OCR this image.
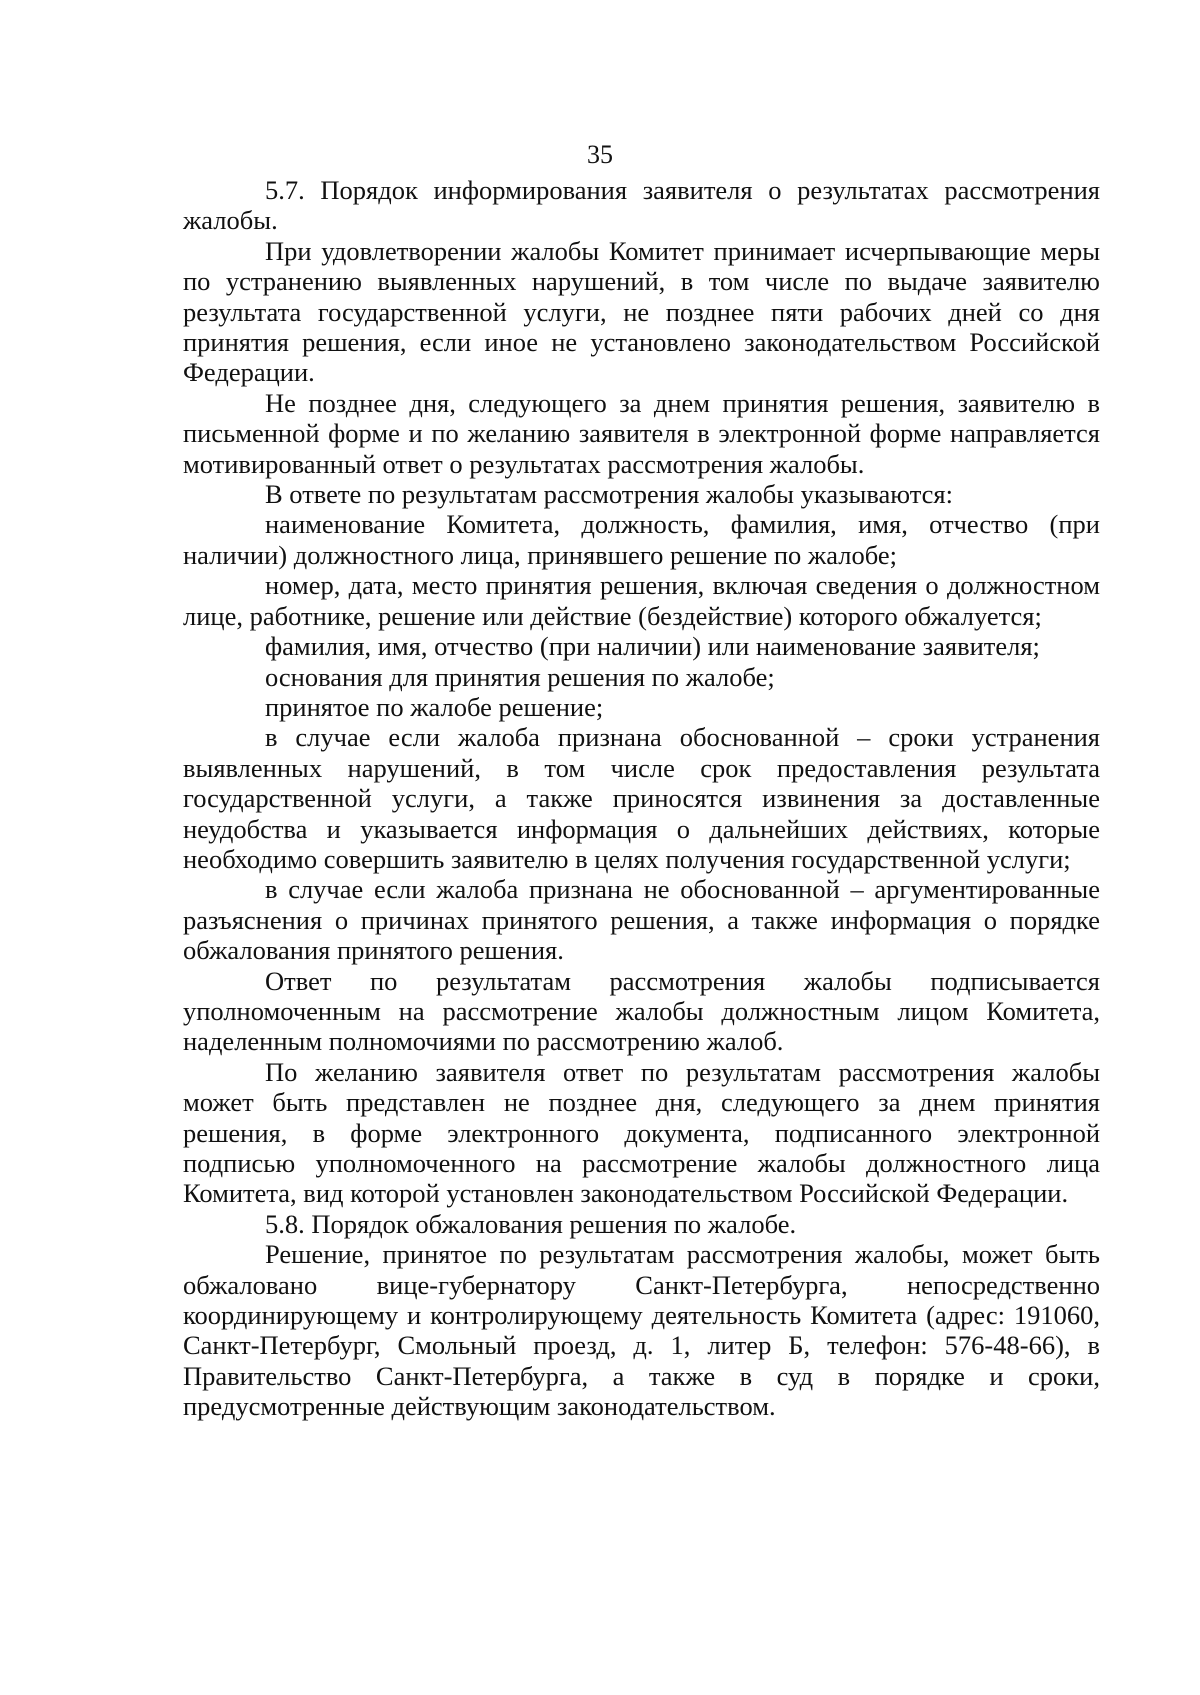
35

5.7. Порядок информирования заявителя о результатах рассмотрения жалобы.

При удовлетворении жалобы Комитет принимает исчерпывающие меры по устранению выявленных нарушений, в том числе по выдаче заявителю результата государственной услуги, не позднее пяти рабочих дней со дня принятия решения, если иное не установлено законодательством Российской Федерации.

Не позднее дня, следующего за днем принятия решения, заявителю в письменной форме и по желанию заявителя в электронной форме направляется мотивированный ответ о результатах рассмотрения жалобы.

В ответе по результатам рассмотрения жалобы указываются:

наименование Комитета, должность, фамилия, имя, отчество (при наличии) должностного лица, принявшего решение по жалобе;

номер, дата, место принятия решения, включая сведения о должностном лице, работнике, решение или действие (бездействие) которого обжалуется;

фамилия, имя, отчество (при наличии) или наименование заявителя;

основания для принятия решения по жалобе;

принятое по жалобе решение;

в случае если жалоба признана обоснованной – сроки устранения выявленных нарушений, в том числе срок предоставления результата государственной услуги, а также приносятся извинения за доставленные неудобства и указывается информация о дальнейших действиях, которые необходимо совершить заявителю в целях получения государственной услуги;

в случае если жалоба признана не обоснованной – аргументированные разъяснения о причинах принятого решения, а также информация о порядке обжалования принятого решения.

Ответ по результатам рассмотрения жалобы подписывается уполномоченным на рассмотрение жалобы должностным лицом Комитета, наделенным полномочиями по рассмотрению жалоб.

По желанию заявителя ответ по результатам рассмотрения жалобы может быть представлен не позднее дня, следующего за днем принятия решения, в форме электронного документа, подписанного электронной подписью уполномоченного на рассмотрение жалобы должностного лица Комитета, вид которой установлен законодательством Российской Федерации.

5.8. Порядок обжалования решения по жалобе.

Решение, принятое по результатам рассмотрения жалобы, может быть обжаловано вице-губернатору Санкт-Петербурга, непосредственно координирующему и контролирующему деятельность Комитета (адрес: 191060, Санкт-Петербург, Смольный проезд, д. 1, литер Б, телефон: 576-48-66), в Правительство Санкт-Петербурга, а также в суд в порядке и сроки, предусмотренные действующим законодательством.
